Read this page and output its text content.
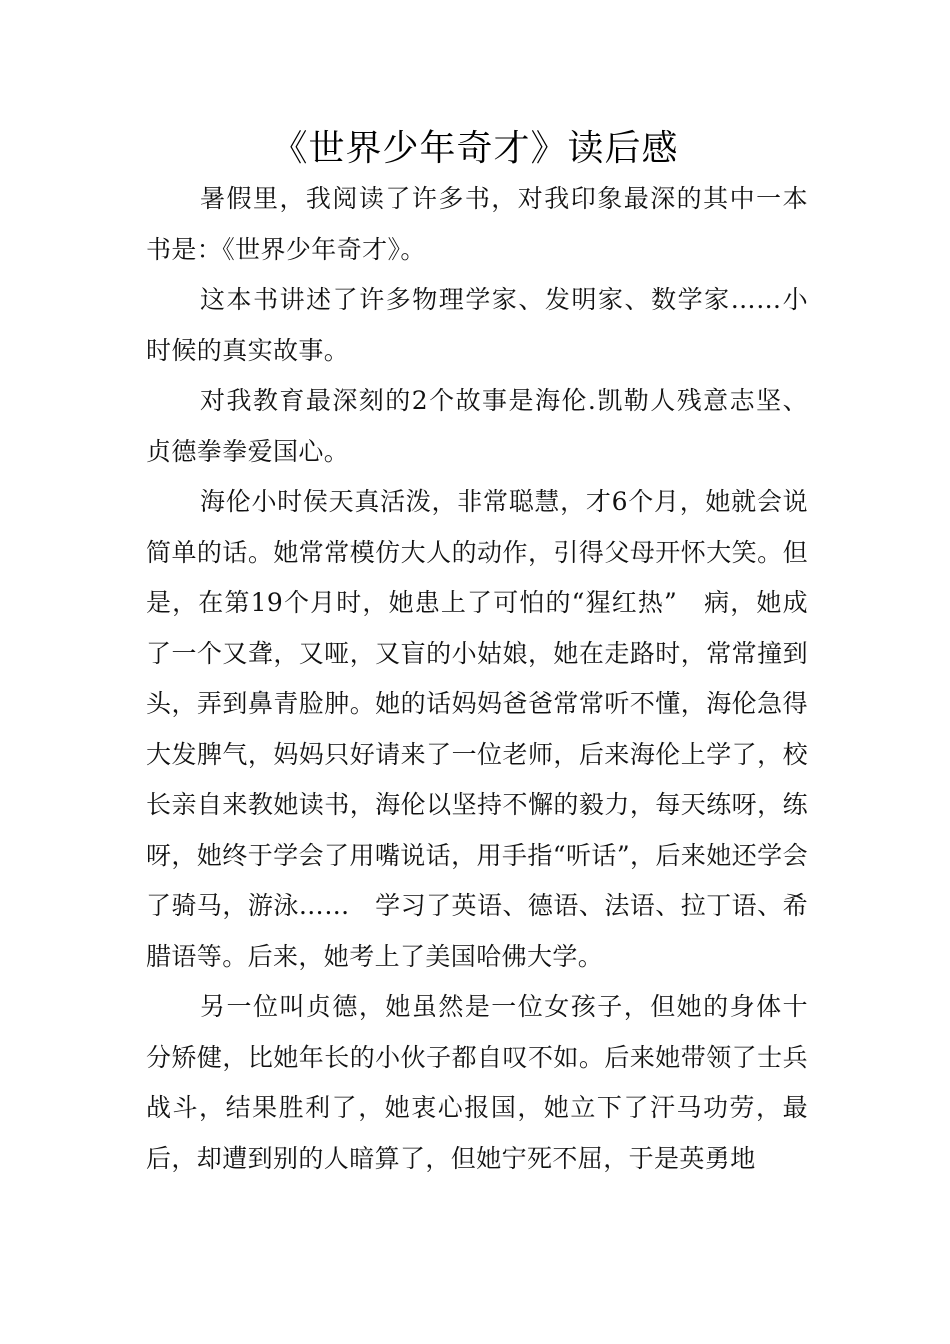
《世界少年奇才》读后感

暑假里，我阅读了许多书，对我印象最深的其中一本书是：《世界少年奇才》。

这本书讲述了许多物理学家、发明家、数学家……小时候的真实故事。

对我教育最深刻的2个故事是海伦.凯勒人残意志坚、贞德拳拳爱国心。

海伦小时侯天真活泼，非常聪慧，才6个月，她就会说简单的话。她常常模仿大人的动作，引得父母开怀大笑。但是，在第19个月时，她患上了可怕的“猩红热”　病，她成了一个又聋，又哑，又盲的小姑娘，她在走路时，常常撞到头，弄到鼻青脸肿。她的话妈妈爸爸常常听不懂，海伦急得大发脾气，妈妈只好请来了一位老师，后来海伦上学了，校长亲自来教她读书，海伦以坚持不懈的毅力，每天练呀，练呀，她终于学会了用嘴说话，用手指“听话”，后来她还学会了骑马，游泳……　学习了英语、德语、法语、拉丁语、希腊语等。后来，她考上了美国哈佛大学。

另一位叫贞德，她虽然是一位女孩子，但她的身体十分矫健，比她年长的小伙子都自叹不如。后来她带领了士兵战斗，结果胜利了，她衷心报国，她立下了汗马功劳，最后，却遭到别的人暗算了，但她宁死不屈，于是英勇地
